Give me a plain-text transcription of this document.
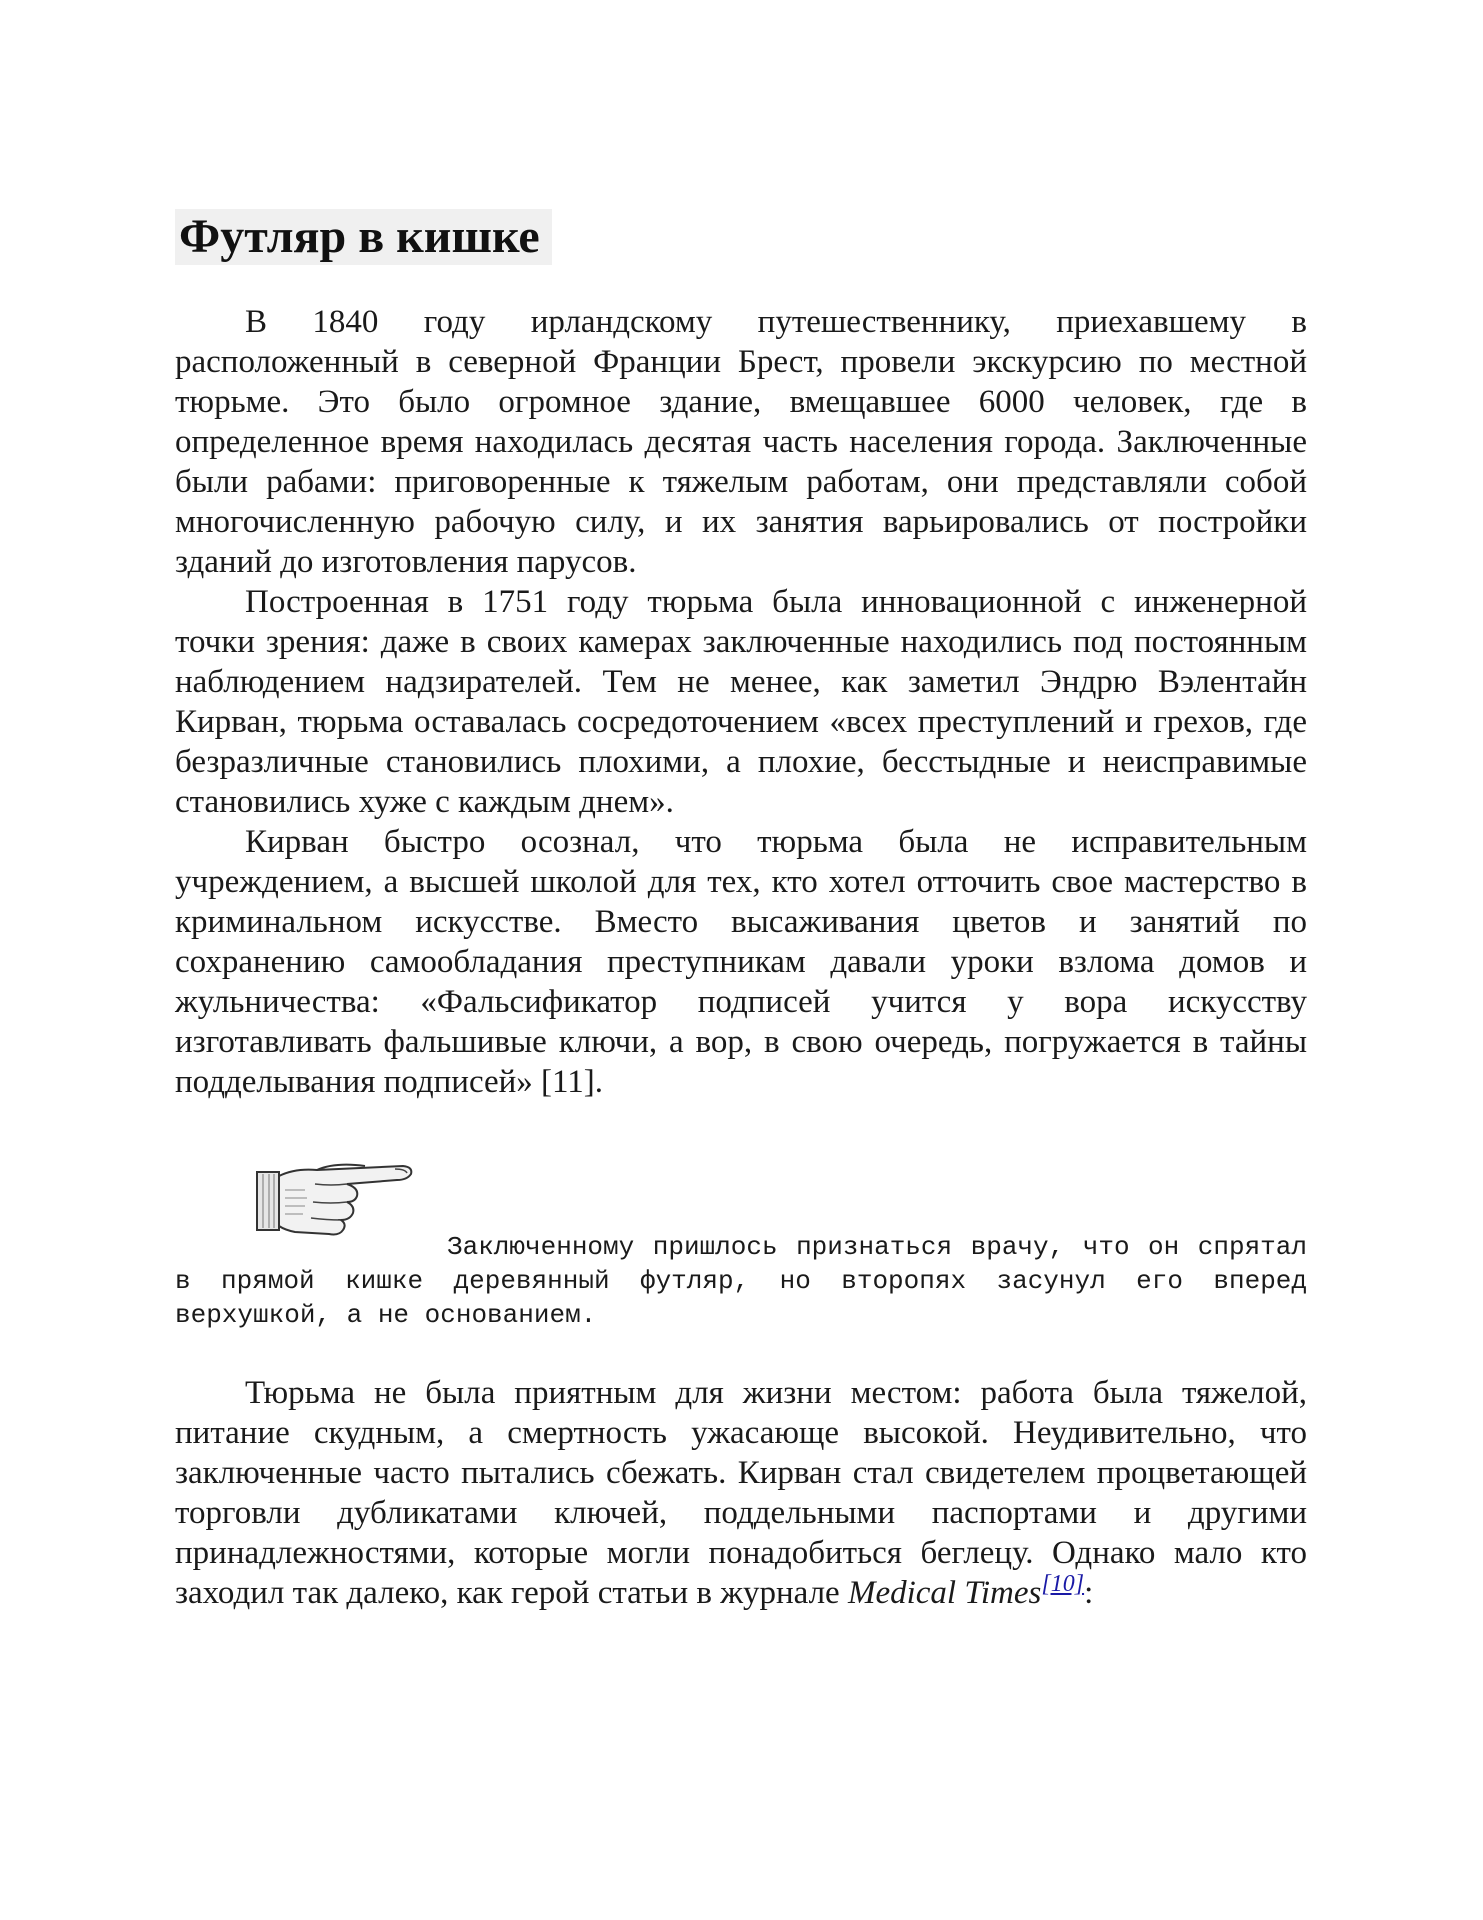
Футляр в кишке

В 1840 году ирландскому путешественнику, приехавшему в расположенный в северной Франции Брест, провели экскурсию по местной тюрьме. Это было огромное здание, вмещавшее 6000 человек, где в определенное время находилась десятая часть населения города. Заключенные были рабами: приговоренные к тяжелым работам, они представляли собой многочисленную рабочую силу, и их занятия варьировались от постройки зданий до изготовления парусов.

Построенная в 1751 году тюрьма была инновационной с инженерной точки зрения: даже в своих камерах заключенные находились под постоянным наблюдением надзирателей. Тем не менее, как заметил Эндрю Вэлентайн Кирван, тюрьма оставалась сосредоточением «всех преступлений и грехов, где безразличные становились плохими, а плохие, бесстыдные и неисправимые становились хуже с каждым днем».

Кирван быстро осознал, что тюрьма была не исправительным учреждением, а высшей школой для тех, кто хотел отточить свое мастерство в криминальном искусстве. Вместо высаживания цветов и занятий по сохранению самообладания преступникам давали уроки взлома домов и жульничества: «Фальсификатор подписей учится у вора искусству изготавливать фальшивые ключи, а вор, в свою очередь, погружается в тайны подделывания подписей» [11].

Заключенному пришлось признаться врачу, что он спрятал в прямой кишке деревянный футляр, но второпях засунул его вперед верхушкой, а не основанием.

Тюрьма не была приятным для жизни местом: работа была тяжелой, питание скудным, а смертность ужасающе высокой. Неудивительно, что заключенные часто пытались сбежать. Кирван стал свидетелем процветающей торговли дубликатами ключей, поддельными паспортами и другими принадлежностями, которые могли понадобиться беглецу. Однако мало кто заходил так далеко, как герой статьи в журнале Medical Times[10]:
